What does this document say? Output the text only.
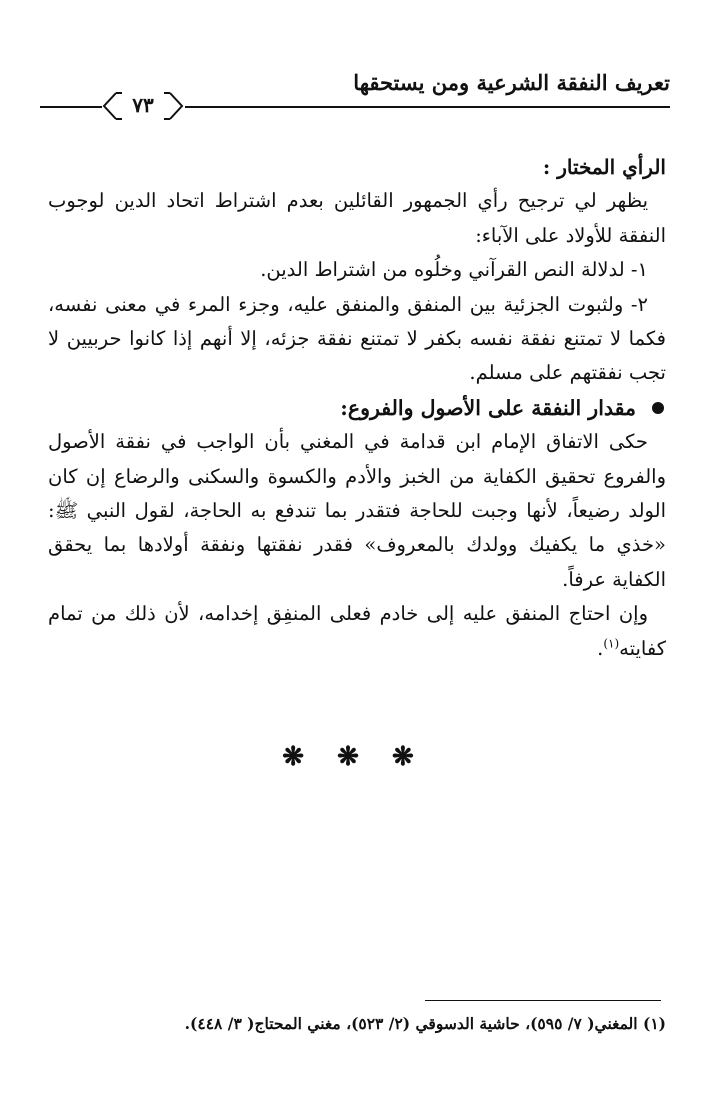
تعريف النفقة الشرعية ومن يستحقها
٧٣

الرأي المختار :

يظهر لي ترجيح رأي الجمهور القائلين بعدم اشتراط اتحاد الدين لوجوب النفقة للأولاد على الآباء:

١- لدلالة النص القرآني وخلُوه من اشتراط الدين.

٢- ولثبوت الجزئية بين المنفق والمنفق عليه، وجزء المرء في معنى نفسه، فكما لا تمتنع نفقة نفسه بكفر لا تمتنع نفقة جزئه، إلا أنهم إذا كانوا حربيين لا تجب نفقتهم على مسلم.

مقدار النفقة على الأصول والفروع:

حكى الاتفاق الإمام ابن قدامة في المغني بأن الواجب في نفقة الأصول والفروع تحقيق الكفاية من الخبز والأدم والكسوة والسكنى والرضاع إن كان الولد رضيعاً، لأنها وجبت للحاجة فتقدر بما تندفع به الحاجة، لقول النبي ﷺ: «خذي ما يكفيك وولدك بالمعروف» فقدر نفقتها ونفقة أولادها بما يحقق الكفاية عرفاً.

وإن احتاج المنفق عليه إلى خادم فعلى المنفِق إخدامه، لأن ذلك من تمام كفايته$^{(١)}$.

❋ ❋ ❋
(١) المغني( ٧/ ٥٩٥)، حاشية الدسوقي (٢/ ٥٢٣)، مغني المحتاج( ٣/ ٤٤٨).
